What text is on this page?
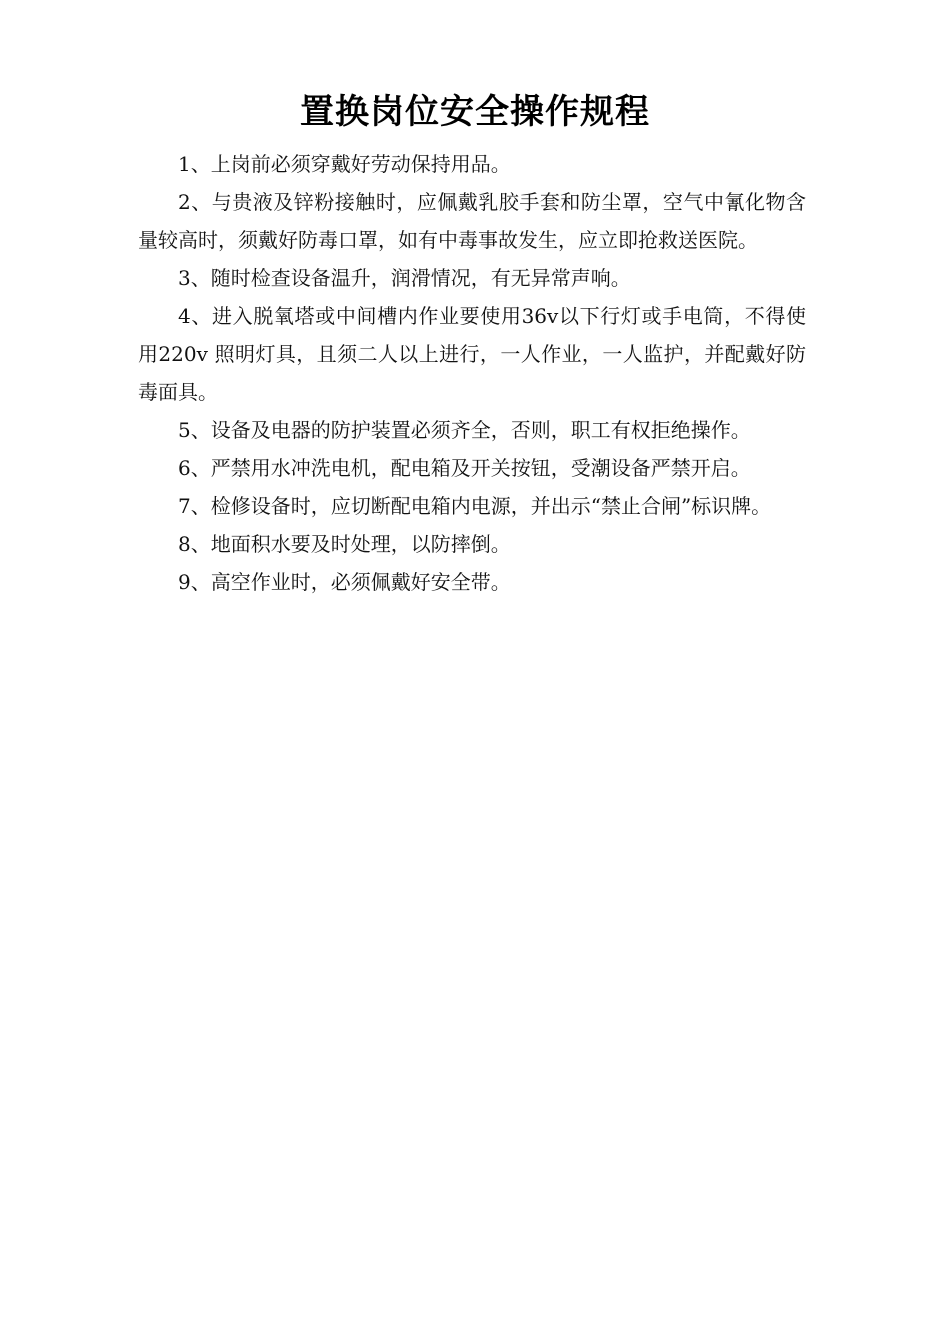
置换岗位安全操作规程

1、上岗前必须穿戴好劳动保持用品。

2、与贵液及锌粉接触时，应佩戴乳胶手套和防尘罩，空气中氰化物含量较高时，须戴好防毒口罩，如有中毒事故发生，应立即抢救送医院。

3、随时检查设备温升，润滑情况，有无异常声响。

4、进入脱氧塔或中间槽内作业要使用36v以下行灯或手电筒，不得使用220v 照明灯具，且须二人以上进行，一人作业，一人监护，并配戴好防毒面具。

5、设备及电器的防护装置必须齐全，否则，职工有权拒绝操作。

6、严禁用水冲洗电机，配电箱及开关按钮，受潮设备严禁开启。

7、检修设备时，应切断配电箱内电源，并出示“禁止合闸”标识牌。

8、地面积水要及时处理，以防摔倒。

9、高空作业时，必须佩戴好安全带。
